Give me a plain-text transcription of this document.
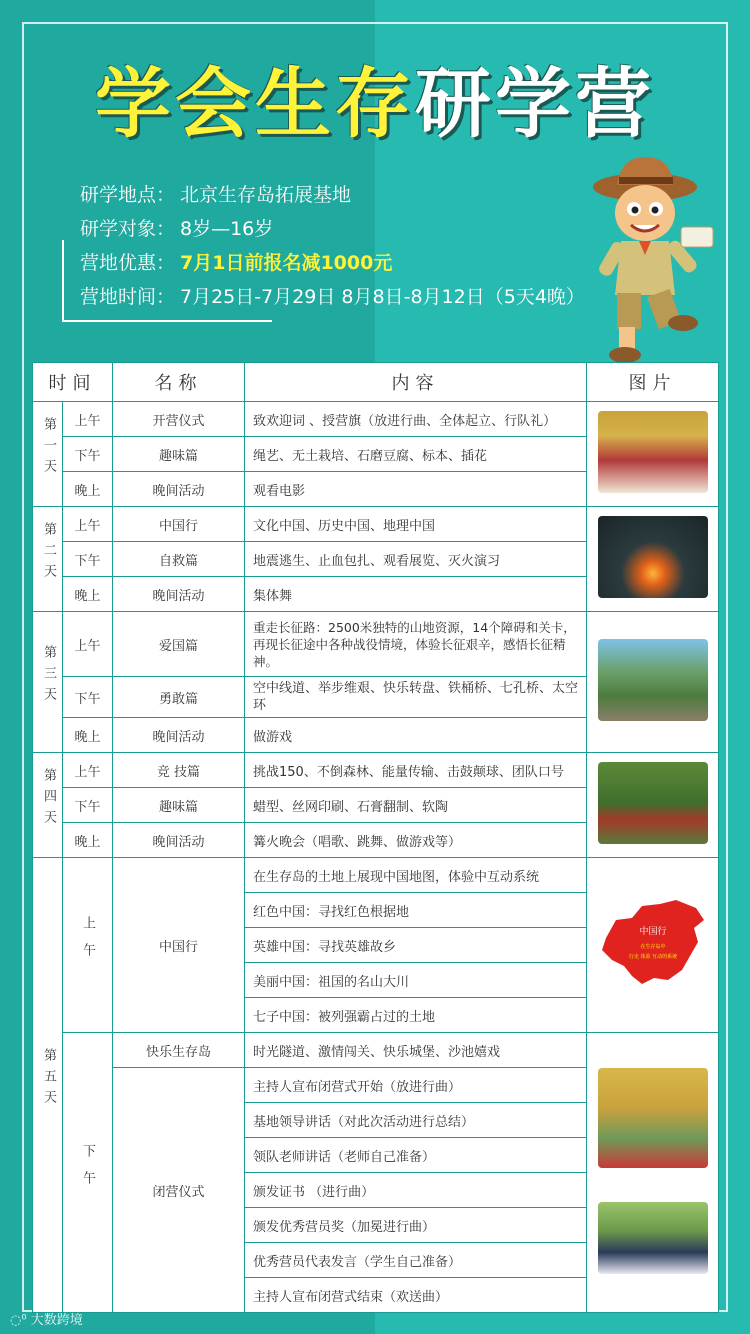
学会生存研学营
研学地点： 北京生存岛拓展基地
研学对象： 8岁—16岁
营地优惠： 7月1日前报名减1000元
营地时间： 7月25日-7月29日 8月8日-8月12日（5天4晚）
时间		名称	内容	图片
第一天	上午	开营仪式	致欢迎词 、授营旗（放进行曲、全体起立、行队礼）	
	下午	趣味篇	绳艺、无土栽培、石磨豆腐、标本、插花	
	晚上	晚间活动	观看电影	
第二天	上午	中国行	文化中国、历史中国、地理中国	
	下午	自救篇	地震逃生、止血包扎、观看展览、灭火演习	
	晚上	晚间活动	集体舞	
第三天	上午	爱国篇	重走长征路：2500米独特的山地资源，14个障碍和关卡，再现长征途中各种战役情境，体验长征艰辛，感悟长征精神。	
	下午	勇敢篇	空中线道、举步维艰、快乐转盘、铁桶桥、七孔桥、太空环	
	晚上	晚间活动	做游戏	
第四天	上午	竞 技篇	挑战150、不倒森林、能量传输、击鼓颠球、团队口号	
	下午	趣味篇	蜡型、丝网印刷、石膏翻制、软陶	
	晚上	晚间活动	篝火晚会（唱歌、跳舞、做游戏等）	
第五天	上午	中国行	在生存岛的土地上展现中国地图，体验中互动系统	中国行
在生存岛中
行走 体验 互动的系统

			红色中国：寻找红色根据地	
			英雄中国：寻找英雄故乡	
			美丽中国：祖国的名山大川	
			七子中国：被列强霸占过的土地	
	下午	快乐生存岛	时光隧道、激情闯关、快乐城堡、沙池嬉戏	

		闭营仪式	主持人宣布闭营式开始（放进行曲）	
			基地领导讲话（对此次活动进行总结）	
			领队老师讲话（老师自己准备）	
			颁发证书 （进行曲）	
			颁发优秀营员奖（加冕进行曲）	
			优秀营员代表发言（学生自己准备）	
			主持人宣布闭营式结束（欢送曲）	
◌⁰ 大数跨境
